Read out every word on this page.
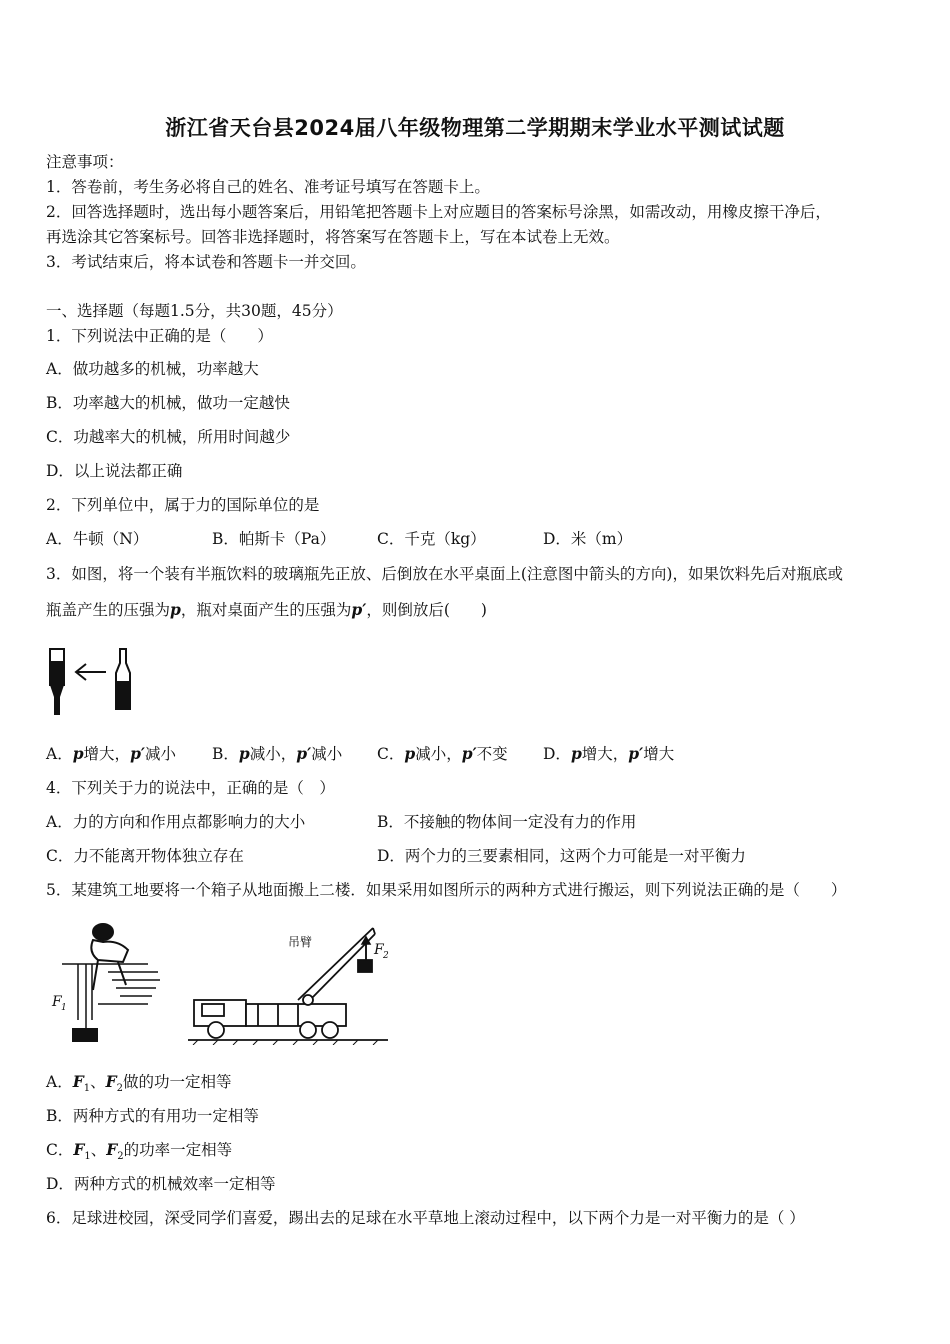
浙江省天台县2024届八年级物理第二学期期末学业水平测试试题
注意事项：
1．答卷前，考生务必将自己的姓名、准考证号填写在答题卡上。
2．回答选择题时，选出每小题答案后，用铅笔把答题卡上对应题目的答案标号涂黑，如需改动，用橡皮擦干净后，
再选涂其它答案标号。回答非选择题时，将答案写在答题卡上，写在本试卷上无效。
3．考试结束后，将本试卷和答题卡一并交回。
一、选择题（每题1.5分，共30题，45分）
1．下列说法中正确的是（　　）
A．做功越多的机械，功率越大
B．功率越大的机械，做功一定越快
C．功越率大的机械，所用时间越少
D．以上说法都正确
2．下列单位中，属于力的国际单位的是
A．牛顿（N）	B．帕斯卡（Pa）	C．千克（kg）	D．米（m）
3．如图，将一个装有半瓶饮料的玻璃瓶先正放、后倒放在水平桌面上(注意图中箭头的方向)，如果饮料先后对瓶底或
瓶盖产生的压强为p，瓶对桌面产生的压强为p′，则倒放后(　　)
A．p增大，p′减小 B．p减小，p′减小 C．p减小，p′不变 D．p增大，p′增大
4．下列关于力的说法中，正确的是（　）
A．力的方向和作用点都影响力的大小	B．不接触的物体间一定没有力的作用
C．力不能离开物体独立存在	D．两个力的三要素相同，这两个力可能是一对平衡力
5．某建筑工地要将一个箱子从地面搬上二楼．如果采用如图所示的两种方式进行搬运，则下列说法正确的是（　　）
F 1
吊臂	F 2
A．$F_1$、$F_2$做的功一定相等
B．两种方式的有用功一定相等
C．$F_1$、$F_2$的功率一定相等
D．两种方式的机械效率一定相等
6．足球进校园，深受同学们喜爱，踢出去的足球在水平草地上滚动过程中，以下两个力是一对平衡力的是（ ）
